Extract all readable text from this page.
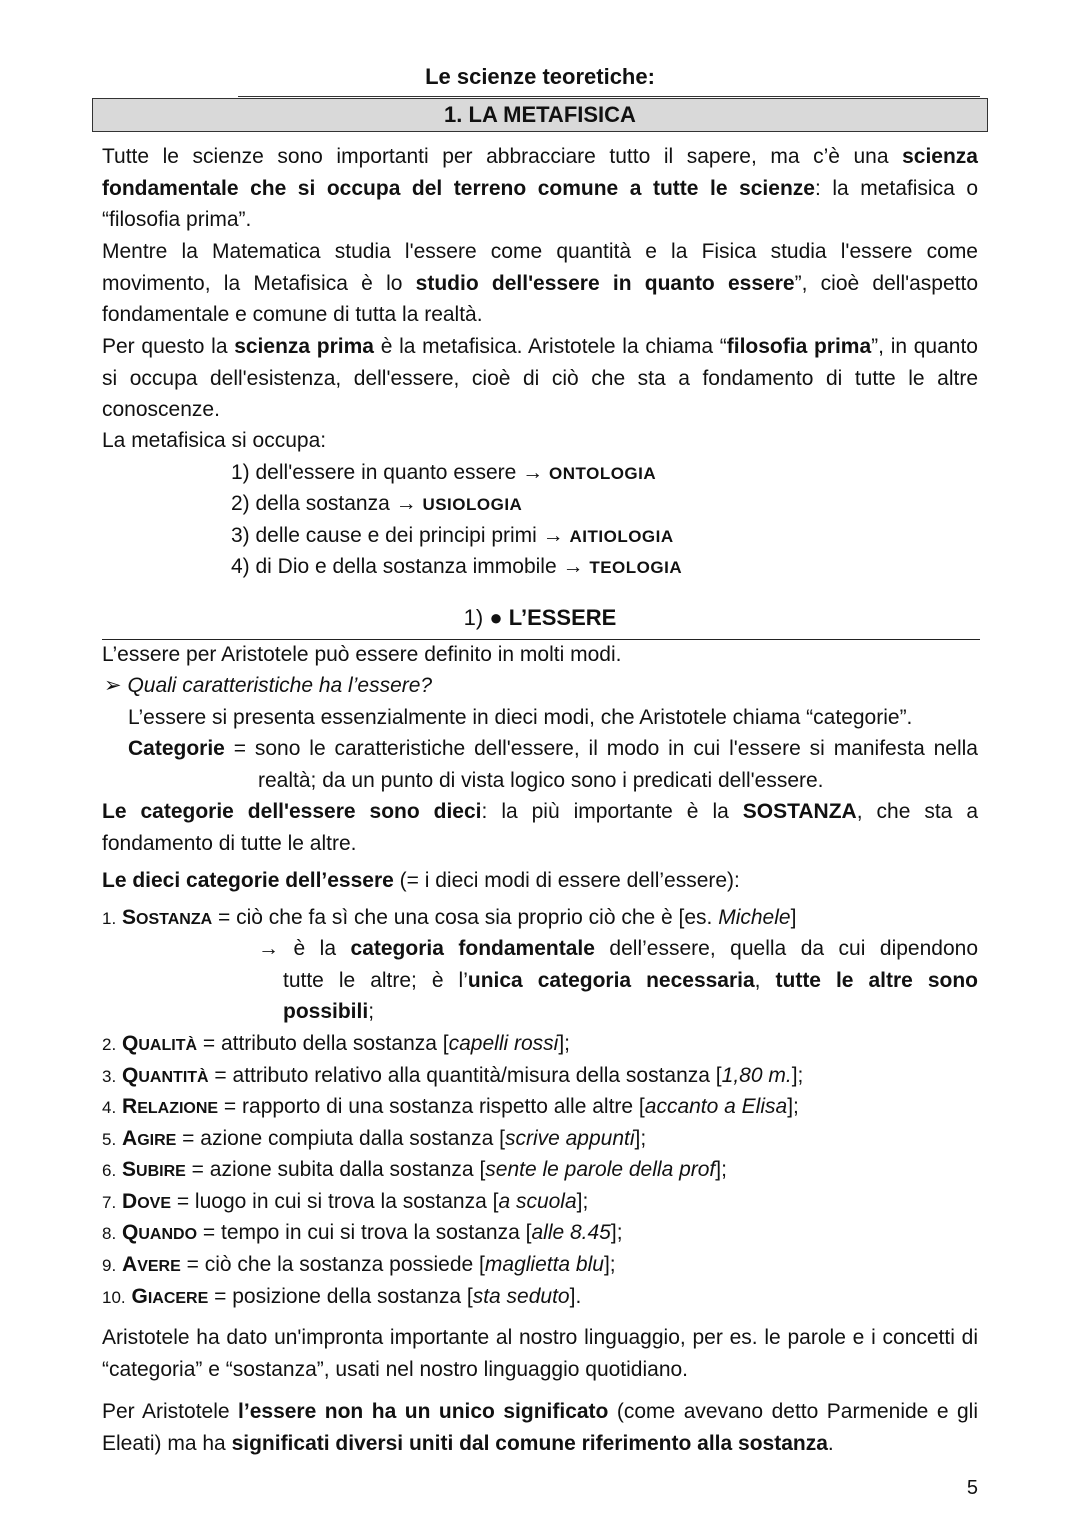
Le scienze teoretiche:
1. LA METAFISICA
Tutte le scienze sono importanti per abbracciare tutto il sapere, ma c’è una scienza fondamentale che si occupa del terreno comune a tutte le scienze: la metafisica o “filosofia prima”.
Mentre la Matematica studia l'essere come quantità e la Fisica studia l'essere come movimento, la Metafisica è lo studio dell'essere in quanto essere”, cioè dell'aspetto fondamentale e comune di tutta la realtà.
Per questo la scienza prima è la metafisica. Aristotele la chiama “filosofia prima”, in quanto si occupa dell'esistenza, dell'essere, cioè di ciò che sta a fondamento di tutte le altre conoscenze.
La metafisica si occupa:
1) dell'essere in quanto essere → ONTOLOGIA
2) della sostanza → USIOLOGIA
3) delle cause e dei principi primi → AITIOLOGIA
4) di Dio e della sostanza immobile → TEOLOGIA
1) ● L’ESSERE
L’essere per Aristotele può essere definito in molti modi.
➢ Quali caratteristiche ha l’essere?
L’essere si presenta essenzialmente in dieci modi, che Aristotele chiama “categorie”.
Categorie = sono le caratteristiche dell'essere, il modo in cui l'essere si manifesta nella
realtà; da un punto di vista logico sono i predicati dell'essere.
Le categorie dell'essere sono dieci: la più importante è la SOSTANZA, che sta a
fondamento di tutte le altre.
Le dieci categorie dell’essere (= i dieci modi di essere dell’essere):
1. SOSTANZA = ciò che fa sì che una cosa sia proprio ciò che è [es. Michele]
→ è la categoria fondamentale dell’essere, quella da cui dipendono
tutte le altre; è l’unica categoria necessaria, tutte le altre sono
possibili;
2. QUALITÀ = attributo della sostanza [capelli rossi];
3. QUANTITÀ = attributo relativo alla quantità/misura della sostanza [1,80 m.];
4. RELAZIONE = rapporto di una sostanza rispetto alle altre [accanto a Elisa];
5. AGIRE = azione compiuta dalla sostanza [scrive appunti];
6. SUBIRE = azione subita dalla sostanza [sente le parole della prof];
7. DOVE = luogo in cui si trova la sostanza [a scuola];
8. QUANDO = tempo in cui si trova la sostanza [alle 8.45];
9. AVERE = ciò che la sostanza possiede [maglietta blu];
10. GIACERE = posizione della sostanza [sta seduto].
Aristotele ha dato un'impronta importante al nostro linguaggio, per es. le parole e i concetti di “categoria” e “sostanza”, usati nel nostro linguaggio quotidiano.
Per Aristotele l’essere non ha un unico significato (come avevano detto Parmenide e gli Eleati) ma ha significati diversi uniti dal comune riferimento alla sostanza.
5
